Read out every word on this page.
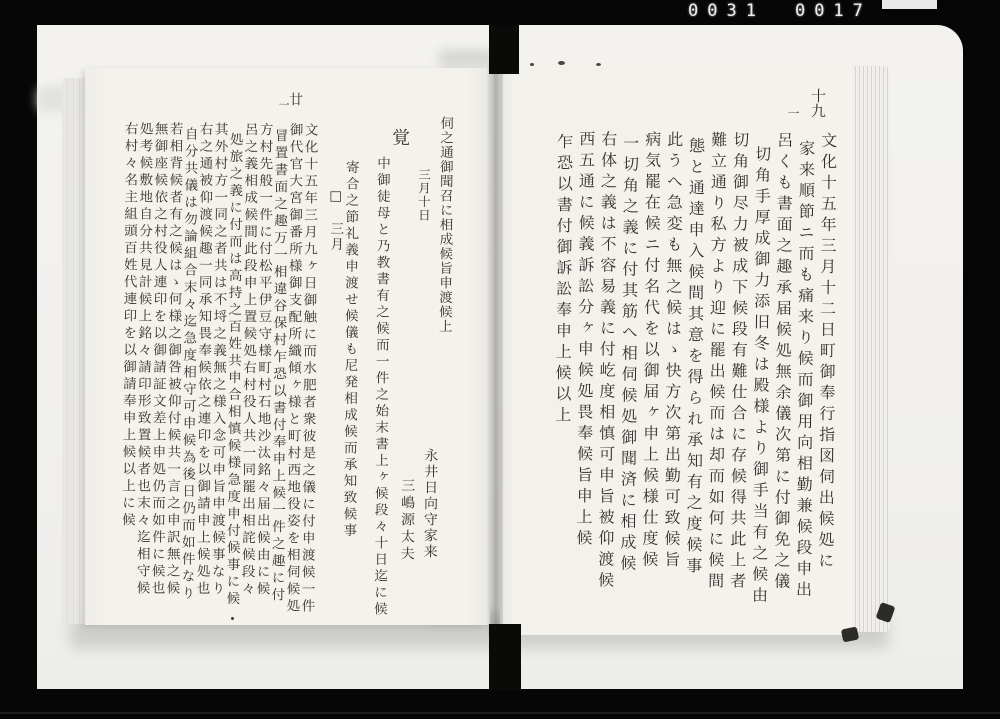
0031 0017
十九
一
文化十五年三月十二日町御奉行指図伺出候処に
家来順節ニ而も痛来り候而御用向相勤兼候段申出
呂くも書面之趣承届候処無余儀次第に付御免之儀
切角手厚成御力添旧冬は殿様より御手当有之候由
切角御尽力被成下候段有難仕合に存候得共此上者
難立通り私方より迎に罷出候而は却而如何に候間
態と通達申入候間其意を得られ承知有之度候事
此うへ急変も無之候はゝ快方次第出勤可致候旨
病気罷在候ニ付名代を以御届ヶ申上候様仕度候
一切角之義に付其筋へ相伺候処御聞済に相成候
右体之義は不容易義に付屹度相慎可申旨被仰渡候
西五通に候義訴訟分ヶ申候処畏奉候旨申上候
乍恐以書付御訴訟奉申上候以上
廿
一
伺之通御聞召に相成候旨申渡候上
三月十日
覚
中御徒母と乃教書有之候而一件之始末書上ヶ候段々十日迄に候
寄合之節礼義申渡せ候儀も尼発相成候而承知致候事
□　三月
永井日向守家来
三嶋源太夫
文化十五年三月九ヶ日御触に而水肥者衆彼是之儀に付申渡候一件
御代官大宮御番所様御支配所織傾ヶ様と町村西地役姿を相伺候処
冒置書面之趣万一相違谷保村乍恐以書付奉申上候一件之趣に付
方村先般一件に付松平伊豆守様町村石地沙汰銘々届出候由に候
呂之義相成候間此段申上置候処右村役人共一同罷出相詫候段々
処旅之義に付而は高持之百姓共申合相慎候様急度申付候事に候
其外村方一同之者共は不埒之義無之様入念可申旨申渡候事なり
右之通被仰渡候趣一同承知畏奉候依之連印を以御請申上候処也
自分共儀は勿論組合末々迄急度相守可申候為後日仍而如件なり
若相背候者有之候はゝ何様之御咎被仰付候共一言之申訳無之候
無御座候依之村役人連印を以御請証文差上申処仍而如件に候也
処考候敷地自分共見計候上銘々請印形致置候者也末々迄相守候
右村々名主組頭百姓代連印を以御請奉申上候以上に候
